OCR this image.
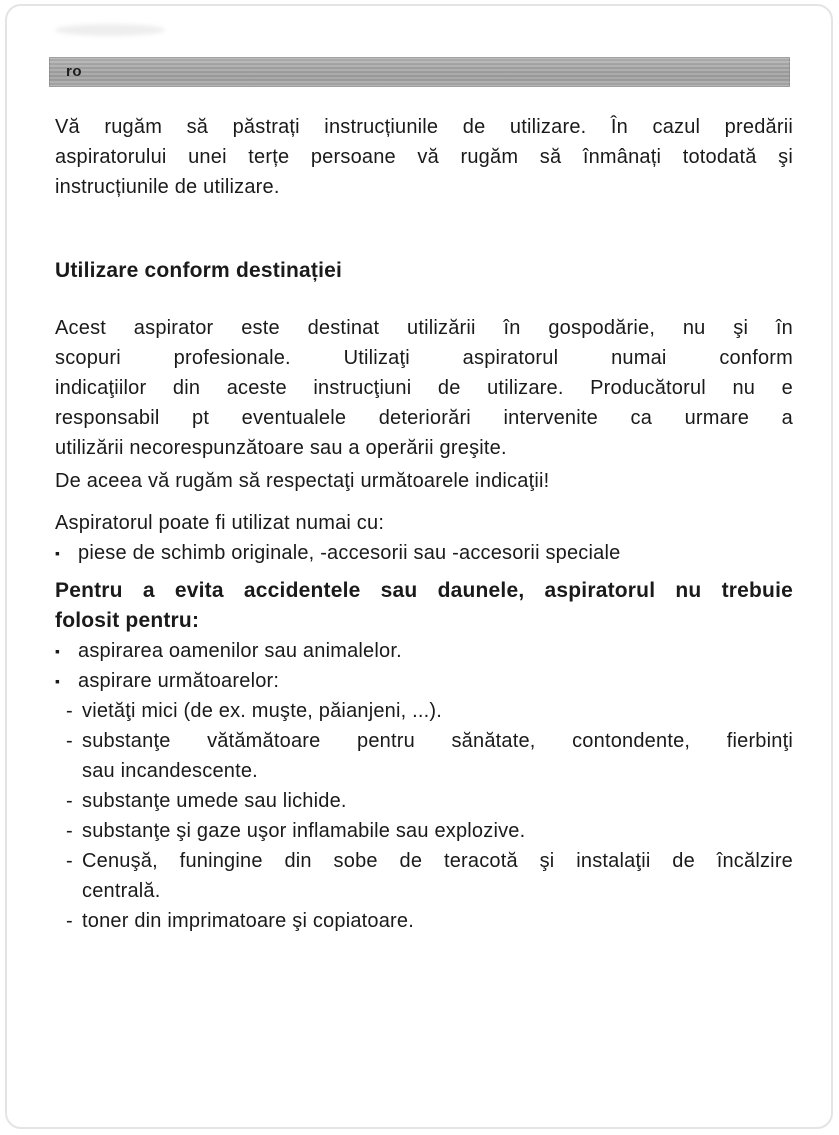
ro
Vă rugăm să păstrați instrucțiunile de utilizare. În cazul predării
aspiratorului unei terțe persoane vă rugăm să înmânați totodată şi
instrucțiunile de utilizare.
Utilizare conform destinației
Acest aspirator este destinat utilizării în gospodărie, nu şi în
scopuri profesionale. Utilizaţi aspiratorul numai conform
indicaţiilor din aceste instrucţiuni de utilizare. Producătorul nu e
responsabil pt eventualele deteriorări intervenite ca urmare a
utilizării necorespunzătoare sau a operării greşite.
De aceea vă rugăm să respectaţi următoarele indicaţii!
Aspiratorul poate fi utilizat numai cu:
▪ piese de schimb originale, -accesorii sau -accesorii speciale
Pentru a evita accidentele sau daunele, aspiratorul nu trebuie
folosit pentru:
▪ aspirarea oamenilor sau animalelor.
▪ aspirare următoarelor:
- vietăţi mici (de ex. muşte, păianjeni, ...).
- substanţe vătămătoare pentru sănătate, contondente, fierbinţi
sau incandescente.
- substanţe umede sau lichide.
- substanţe şi gaze uşor inflamabile sau explozive.
- Cenuşă, funingine din sobe de teracotă şi instalaţii de încălzire
centrală.
- toner din imprimatoare şi copiatoare.
